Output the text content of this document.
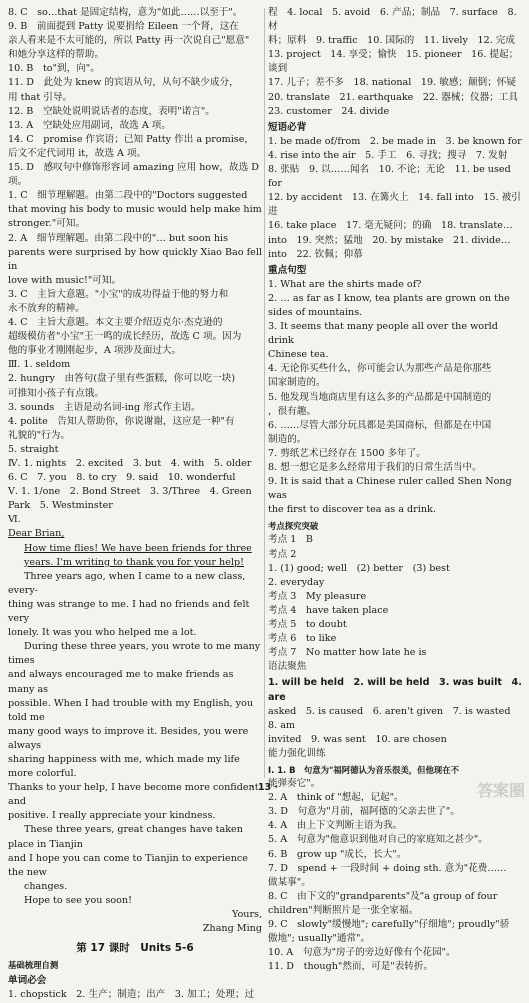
8. C　so…that 是固定结构，意为"如此……以至于"。
9. B　前面提到 Patty 说要捐给 Eileen 一个肾，这在
亲人看来是不太可能的，所以 Patty 再一次说自己"愿意"
和她分享这样的帮助。
10. B　to"到，向"。
11. D　此处为 knew 的宾语从句，从句不缺少成分，
用 that 引导。
12. B　空缺处说明说话者的态度，表明"诺言"。
13. A　空缺处应用副词，故选 A 项。
14. C　promise 作宾语；已知 Patty 作出 a promise，
后文不定代词用 it，故选 A 项。
15. D　感叹句中修饰形容词 amazing 应用 how，故选 D 项。
1. C　细节理解题。由第二段中的"Doctors suggested
that moving his body to music would help make him
stronger."可知。
2. A　细节理解题。由第二段中的"… but soon his
parents were surprised by how quickly Xiao Bao fell in
love with music!"可知。
3. C　主旨大意题。"小宝"的成功得益于他的努力和
永不放弃的精神。
4. C　主旨大意题。本文主要介绍迈克尔·杰克逊的
超级模仿者"小宝"王一鸣的成长经历，故选 C 项。因为
他的事业才刚刚起步，A 项涉及面过大。
Ⅲ. 1. seldom
2. hungry　由答句(盘子里有些蛋糕，你可以吃一块)
可推知小孩子有点饿。
3. sounds　主语是动名词-ing 形式作主语。
4. polite　告知人帮助你，你说谢谢，这应是一种"有
礼貌的"行为。
5. straight
Ⅳ. 1. nights　2. excited　3. but　4. with　5. older
6. C　7. you　8. to cry　9. said　10. wonderful
Ⅴ. 1. 1/one　2. Bond Street　3. 3/Three　4. Green
Park　5. Westminster
Ⅵ.
Dear Brian,
How time flies! We have been friends for three
years. I'm writing to thank you for your help!
Three years ago, when I came to a new class, every-
thing was strange to me. I had no friends and felt very
lonely. It was you who helped me a lot.
During these three years, you wrote to me many times
and always encouraged me to make friends as many as
possible. When I had trouble with my English, you told me
many good ways to improve it. Besides, you were always
sharing happiness with me, which made my life more colorful.
Thanks to your help, I have become more confident and
positive. I really appreciate your kindness.
These three years, great changes have taken place in Tianjin
and I hope you can come to Tianjin to experience the new
changes.
Hope to see you soon!
Yours,
Zhang Ming
第 17 课时　Units 5-6
基础梳理自测
单词必会
1. chopstick　2. 生产；制造；出产　3. 加工；处理；过
程　4. local　5. avoid　6. 产品；制品　7. surface　8. 材
料；原料　9. traffic　10. 国际的　11. lively　12. 完成
13. project　14. 享受；愉快　15. pioneer　16. 提起；谈到
17. 儿子；差不多　18. national　19. 敏感；颠倒；怀疑
20. translate　21. earthquake　22. 器械；仪器；工具
23. customer　24. divide
短语必背
1. be made of/from　2. be made in　3. be known for
4. rise into the air　5. 手工　6. 寻找；搜寻　7. 发射
8. 张贴　9. 以……闻名　10. 不论；无论　11. be used for
12. by accident　13. 在篝火上　14. fall into　15. 被引进
16. take place　17. 毫无疑问；的确　18. translate…
into　19. 突然；猛地　20. by mistake　21. divide…
into　22. 钦佩；仰慕
重点句型
1. What are the shirts made of?
2. … as far as I know, tea plants are grown on the
sides of mountains.
3. It seems that many people all over the world drink
Chinese tea.
4. 无论你买些什么，你可能会认为那些产品是你那些
国家制造的。
5. 他发现当地商店里有这么多的产品都是中国制造的
，很有趣。
6. ……尽管大部分玩具都是美国商标，但都是在中国
制造的。
7. 剪纸艺术已经存在 1500 多年了。
8. 想一想它是多么经常用于我们的日常生活当中。
9. It is said that a Chinese ruler called Shen Nong was
the first to discover tea as a drink.
考点探究突破
考点 1　B
考点 2
1. (1) good; well　(2) better　(3) best
2. everyday
考点 3　My pleasure
考点 4　have taken place
考点 5　to doubt
考点 6　to like
考点 7　No matter how late he is
语法聚焦
1. will be held　2. will be held　3. was built　4. are
asked　5. is caused　6. aren't given　7. is wasted　8. am
invited　9. was sent　10. are chosen
能力强化训练
Ⅰ. 1. B　句意为"福阿德认为音乐很美，但他现在不
能弹奏它"。
2. A　think of "想起，记起"。
3. D　句意为"月前，福阿德的父亲去世了"。
4. A　由上下文判断主语为我。
5. A　句意为"他意识到他对自己的家庭知之甚少"。
6. B　grow up "成长，长大"。
7. D　spend + 一段时间 + doing sth. 意为"花费……
做某事"。
8. C　由下文的"grandparents"及"a group of four
children"判断照片是一张全家福。
9. C　slowly"缓慢地"; carefully"仔细地"; proudly"骄
傲地"; usually"通常"。
10. A　句意为"房子的旁边好像有个花园"。
11. D　though"然而，可是"表转折。
· 13 ·	答案圈
